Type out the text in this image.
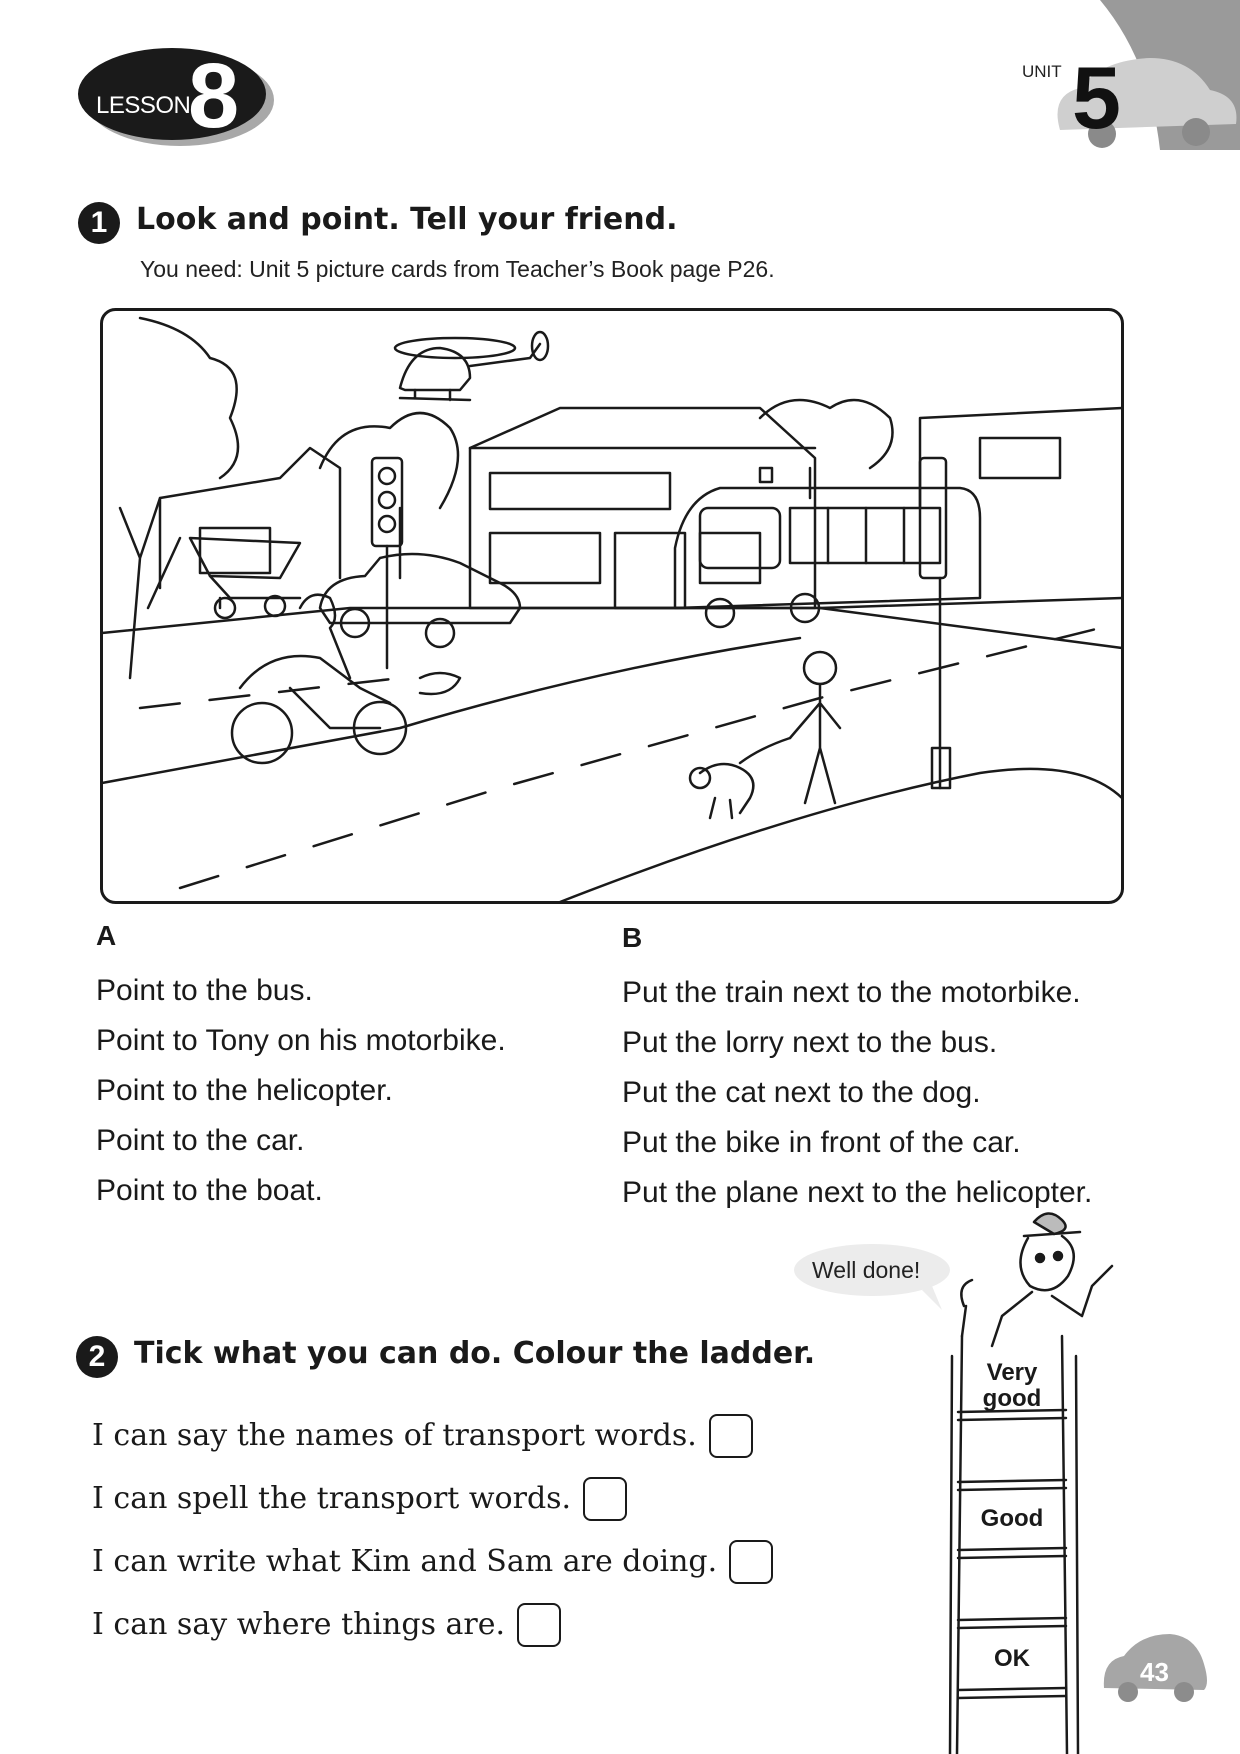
LESSON
8	UNIT 5
1 Look and point. Tell your friend.
You need: Unit 5 picture cards from Teacher’s Book page P26.
A	B
Point to the bus.
Point to Tony on his motorbike.
Point to the helicopter.
Point to the car.
Point to the boat.
Put the train next to the motorbike.
Put the lorry next to the bus.
Put the cat next to the dog.
Put the bike in front of the car.
Put the plane next to the helicopter.
2 Tick what you can do. Colour the ladder.
I can say the names of transport words.
I can spell the transport words.
I can write what Kim and Sam are doing.
I can say where things are.
Well done!
Very good
Good
OK	43
